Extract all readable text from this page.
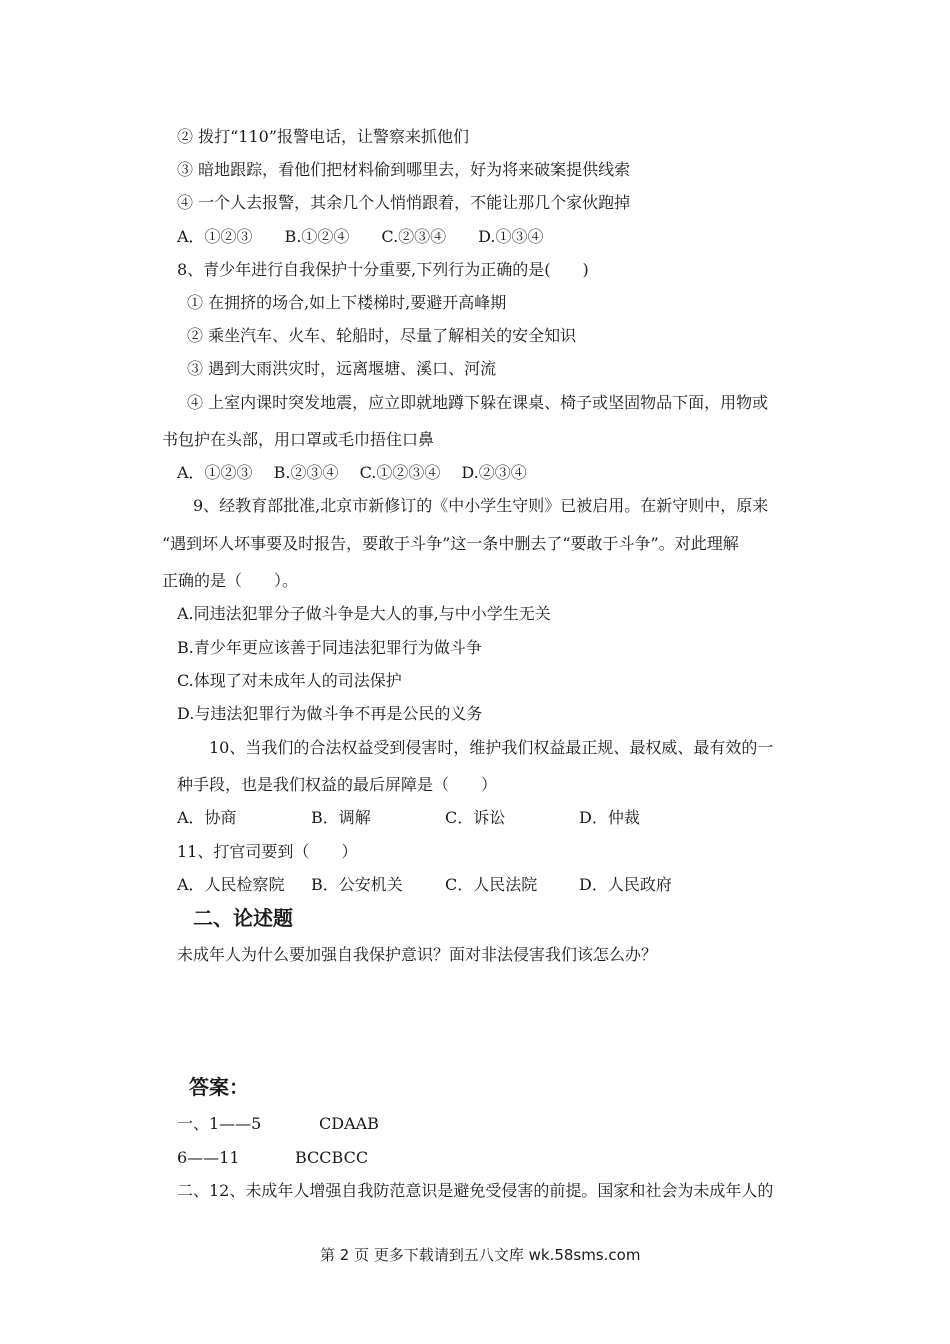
② 拨打“110”报警电话，让警察来抓他们
③ 暗地跟踪，看他们把材料偷到哪里去，好为将来破案提供线索
④ 一个人去报警，其余几个人悄悄跟着，不能让那几个家伙跑掉
A．①②③　　B.①②④　　C.②③④　　D.①③④
8、青少年进行自我保护十分重要,下列行为正确的是(　　)
① 在拥挤的场合,如上下楼梯时,要避开高峰期
② 乘坐汽车、火车、轮船时，尽量了解相关的安全知识
③ 遇到大雨洪灾时，远离堰塘、溪口、河流
④ 上室内课时突发地震，应立即就地蹲下躲在课桌、椅子或坚固物品下面，用物或
书包护在头部，用口罩或毛巾捂住口鼻
A．①②③　 B.②③④　 C.①②③④　 D.②③④
9、经教育部批准,北京市新修订的《中小学生守则》已被启用。在新守则中，原来
“遇到坏人坏事要及时报告，要敢于斗争”这一条中删去了“要敢于斗争”。对此理解
正确的是（　　）。
A.同违法犯罪分子做斗争是大人的事,与中小学生无关
B.青少年更应该善于同违法犯罪行为做斗争
C.体现了对未成年人的司法保护
D.与违法犯罪行为做斗争不再是公民的义务
10、当我们的合法权益受到侵害时，维护我们权益最正规、最权威、最有效的一
种手段，也是我们权益的最后屏障是（　　）
A．协商	B．调解	C．诉讼	D．仲裁
11、打官司要到（　　）
A．人民检察院 B．公安机关	C．人民法院	D．人民政府
二、论述题
未成年人为什么要加强自我保护意识？面对非法侵害我们该怎么办？
答案：
一、1——5	CDAAB
6——11	BCCBCC
二、12、未成年人增强自我防范意识是避免受侵害的前提。国家和社会为未成年人的
第 2 页 更多下载请到五八文库 wk.58sms.com
